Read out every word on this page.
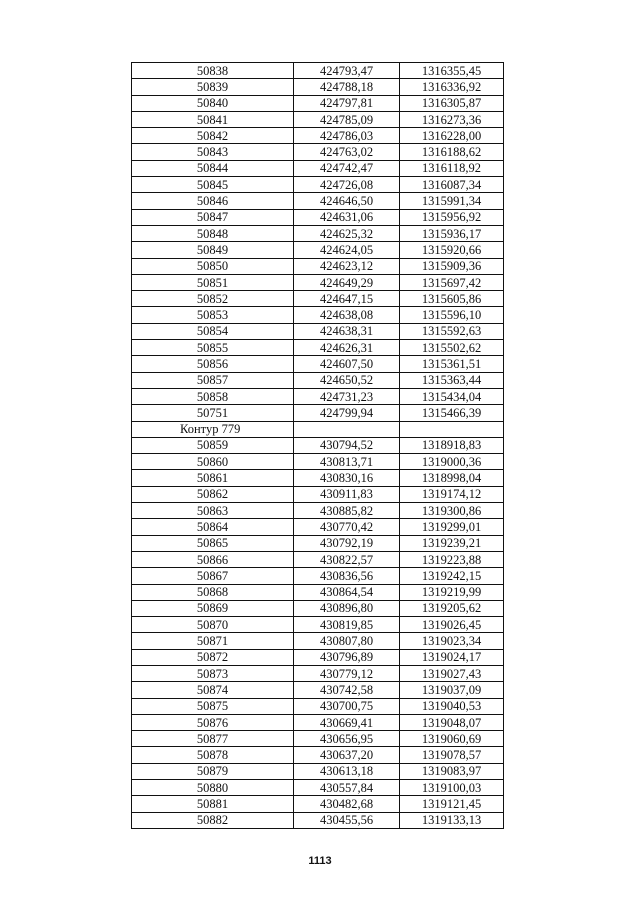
50838	424793,47	1316355,45
50839	424788,18	1316336,92
50840	424797,81	1316305,87
50841	424785,09	1316273,36
50842	424786,03	1316228,00
50843	424763,02	1316188,62
50844	424742,47	1316118,92
50845	424726,08	1316087,34
50846	424646,50	1315991,34
50847	424631,06	1315956,92
50848	424625,32	1315936,17
50849	424624,05	1315920,66
50850	424623,12	1315909,36
50851	424649,29	1315697,42
50852	424647,15	1315605,86
50853	424638,08	1315596,10
50854	424638,31	1315592,63
50855	424626,31	1315502,62
50856	424607,50	1315361,51
50857	424650,52	1315363,44
50858	424731,23	1315434,04
50751	424799,94	1315466,39
Контур 779		
50859	430794,52	1318918,83
50860	430813,71	1319000,36
50861	430830,16	1318998,04
50862	430911,83	1319174,12
50863	430885,82	1319300,86
50864	430770,42	1319299,01
50865	430792,19	1319239,21
50866	430822,57	1319223,88
50867	430836,56	1319242,15
50868	430864,54	1319219,99
50869	430896,80	1319205,62
50870	430819,85	1319026,45
50871	430807,80	1319023,34
50872	430796,89	1319024,17
50873	430779,12	1319027,43
50874	430742,58	1319037,09
50875	430700,75	1319040,53
50876	430669,41	1319048,07
50877	430656,95	1319060,69
50878	430637,20	1319078,57
50879	430613,18	1319083,97
50880	430557,84	1319100,03
50881	430482,68	1319121,45
50882	430455,56	1319133,13
1113
